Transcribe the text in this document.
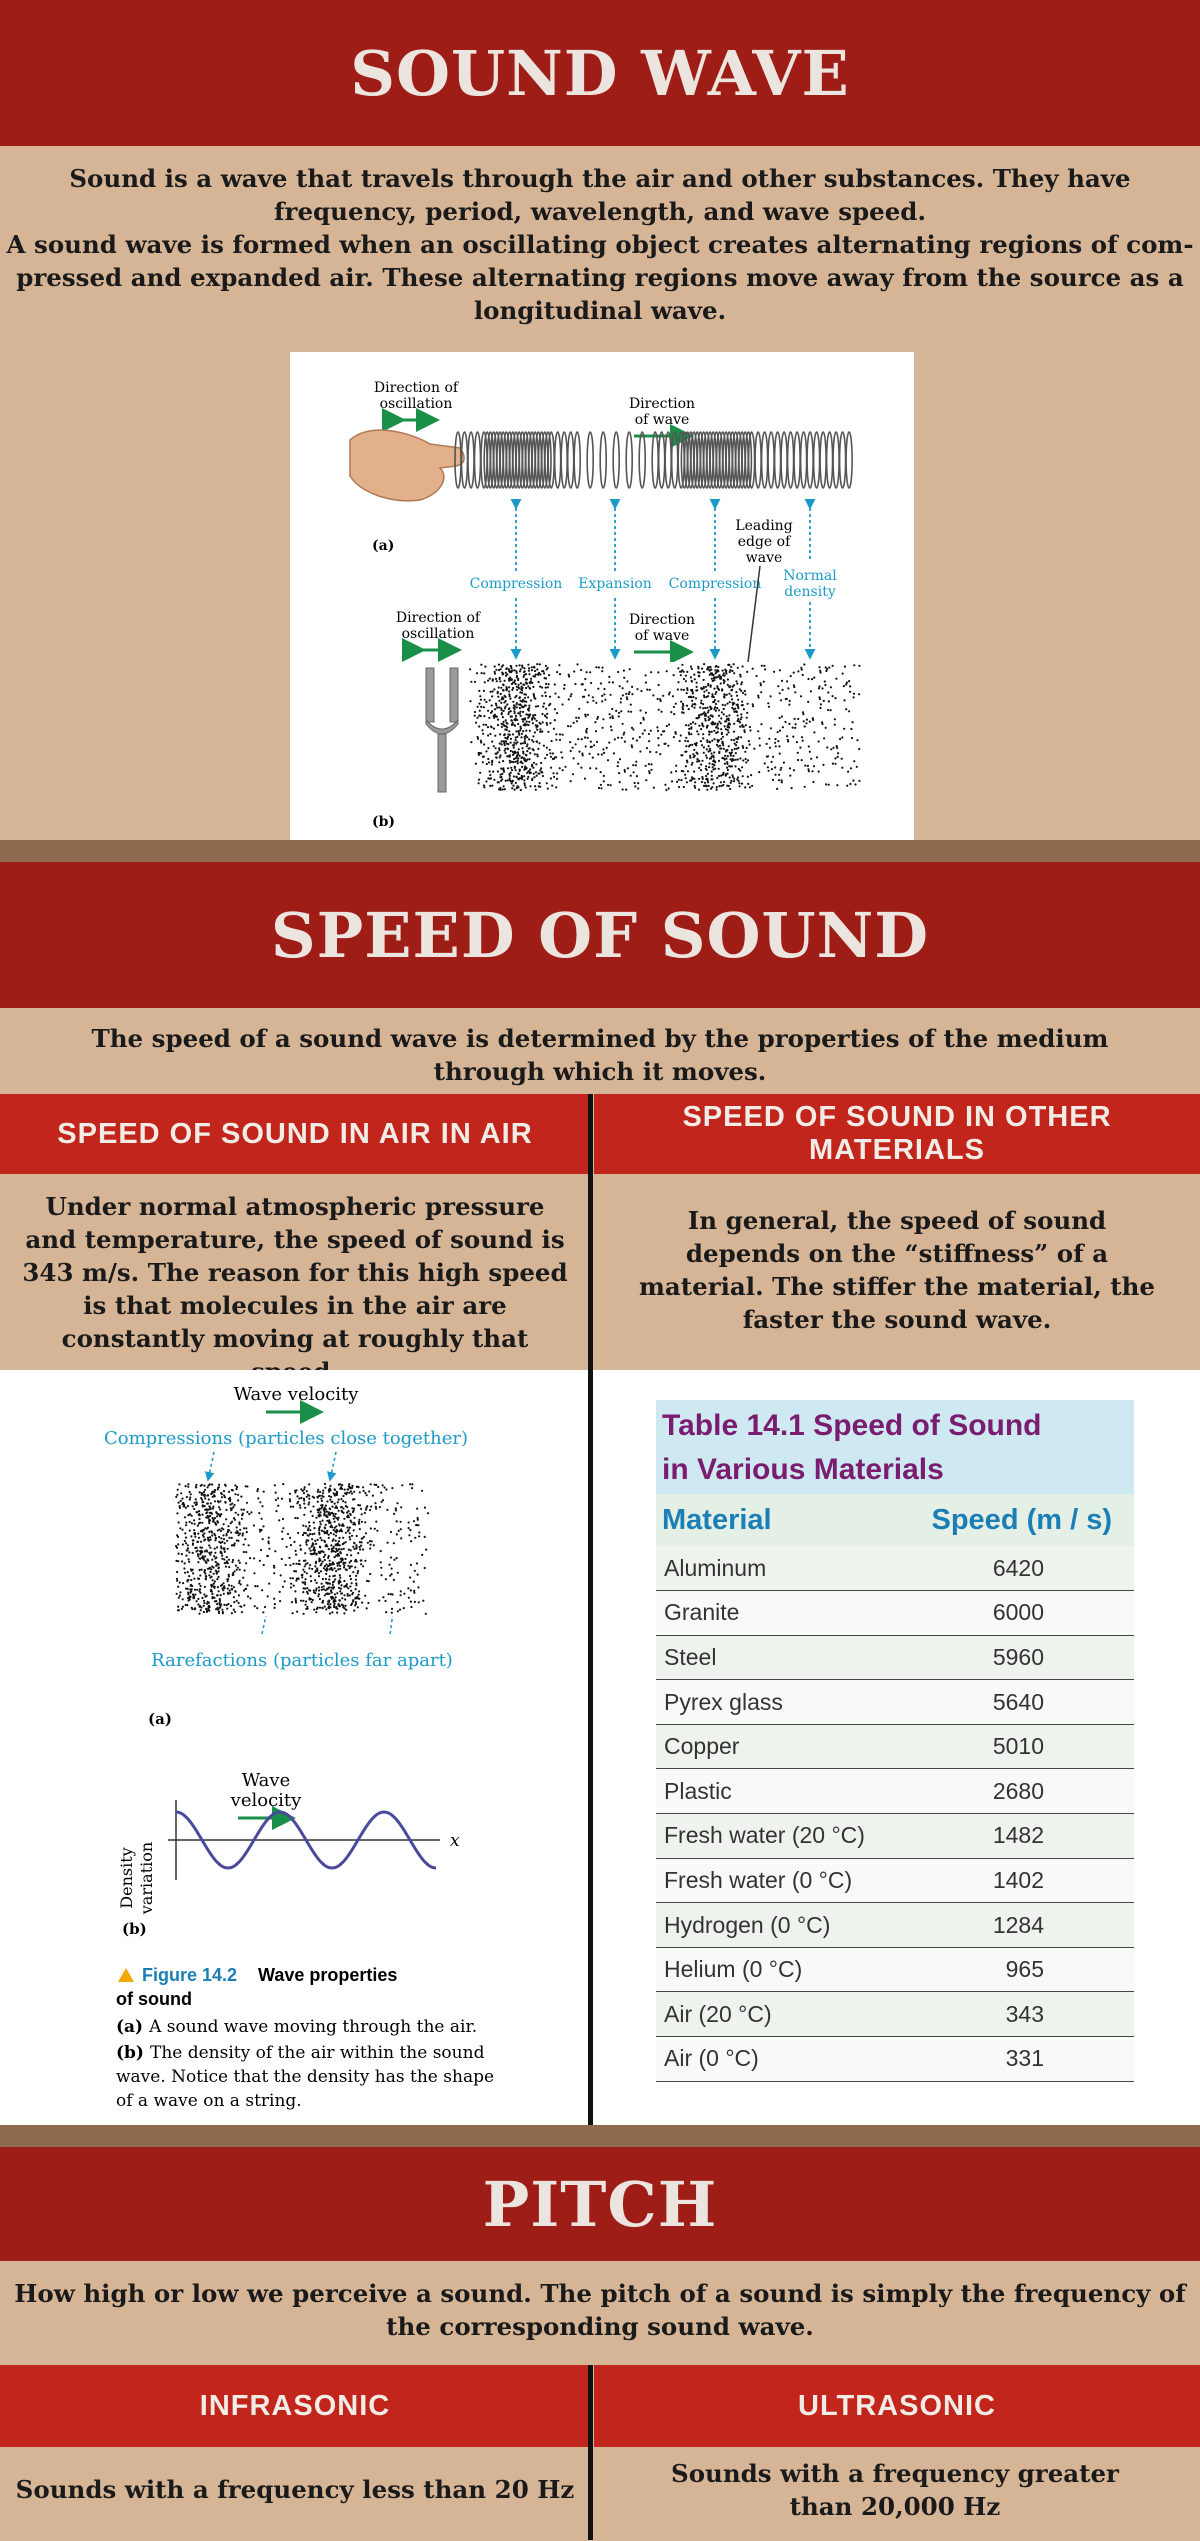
SOUND WAVE

Sound is a wave that travels through the air and other substances. They have frequency, period, wavelength, and wave speed.

A sound wave is formed when an oscillating object creates alternating regions of com-pressed and expanded air. These alternating regions move away from the source as a longitudinal wave.

Direction of
oscillation	Direction
of wave
(a)
Compression Expansion Compression Normal
density
Leading
edge of
wave
Direction of
oscillation
Direction
of wave
(b)
SPEED OF SOUND

The speed of a sound wave is determined by the properties of the medium through which it moves.

SPEED OF SOUND IN AIR IN AIR

Under normal atmospheric pressure and temperature, the speed of sound is 343 m/s. The reason for this high speed is that molecules in the air are constantly moving at roughly that

Wave velocity
Compressions (particles close together)
Rarefactions (particles far apart)
(a)
Wave
velocity
Density variation
x
(b)
Figure 14.2 Wave properties
of sound
(a) A sound wave moving through the air.
(b) The density of the air within the sound
wave. Notice that the density has the shape
of a wave on a string.
SPEED OF SOUND IN OTHER MATERIALS

In general, the speed of sound depends on the “stiffness” of a material. The stiffer the material, the faster the sound wave.

Table 14.1 Speed of Sound
in Various Materials
Material	Speed (m / s)
Aluminum	6420
Granite	6000
Steel	5960
Pyrex glass	5640
Copper	5010
Plastic	2680
Fresh water (20 °C)	1482
Fresh water (0 °C)	1402
Hydrogen (0 °C)	1284
Helium (0 °C)	965
Air (20 °C)	343
Air (0 °C)	331
PITCH

How high or low we perceive a sound. The pitch of a sound is simply the frequency of the corresponding sound wave.

INFRASONIC

Sounds with a frequency less than 20 Hz

ULTRASONIC

Sounds with a frequency greater than 20,000 Hz
